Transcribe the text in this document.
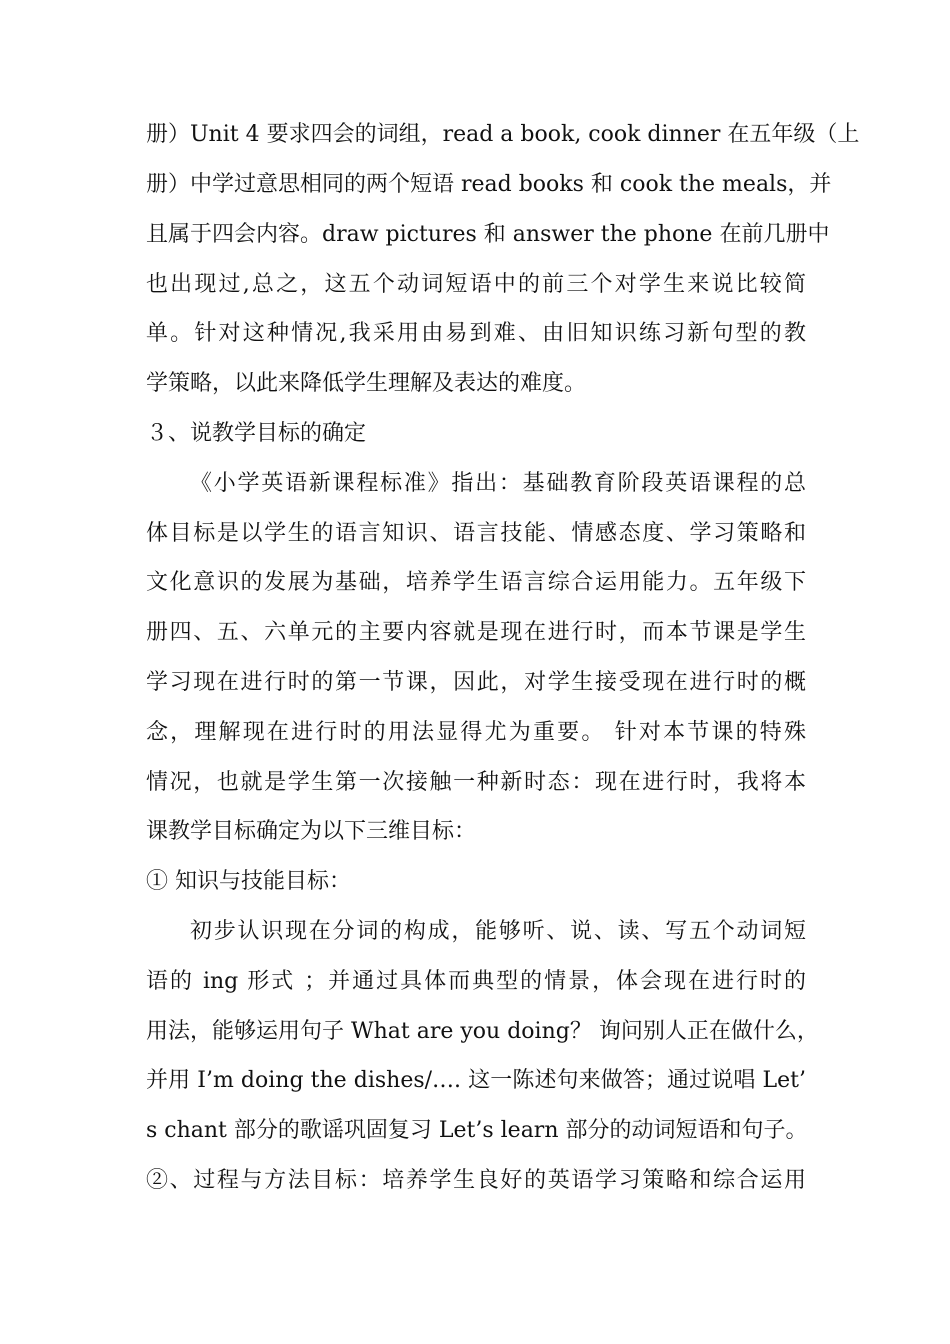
册）Unit 4 要求四会的词组，read a book, cook dinner 在五年级（上
册）中学过意思相同的两个短语 read books 和 cook the meals，并
且属于四会内容。draw pictures 和 answer the phone 在前几册中
也出现过,总之，这五个动词短语中的前三个对学生来说比较简
单。针对这种情况,我采用由易到难、由旧知识练习新句型的教
学策略，以此来降低学生理解及表达的难度。
３、说教学目标的确定
《小学英语新课程标准》指出：基础教育阶段英语课程的总
体目标是以学生的语言知识、语言技能、情感态度、学习策略和
文化意识的发展为基础，培养学生语言综合运用能力。五年级下
册四、五、六单元的主要内容就是现在进行时，而本节课是学生
学习现在进行时的第一节课，因此，对学生接受现在进行时的概
念，理解现在进行时的用法显得尤为重要。 针对本节课的特殊
情况，也就是学生第一次接触一种新时态：现在进行时，我将本
课教学目标确定为以下三维目标：
① 知识与技能目标：
初步认识现在分词的构成，能够听、说、读、写五个动词短
语的 ing 形式 ；并通过具体而典型的情景，体会现在进行时的
用法，能够运用句子 What are you doing？ 询问别人正在做什么，
并用 I’m doing the dishes/…. 这一陈述句来做答；通过说唱 Let’
s chant 部分的歌谣巩固复习 Let’s learn 部分的动词短语和句子。
②、过程与方法目标：培养学生良好的英语学习策略和综合运用
